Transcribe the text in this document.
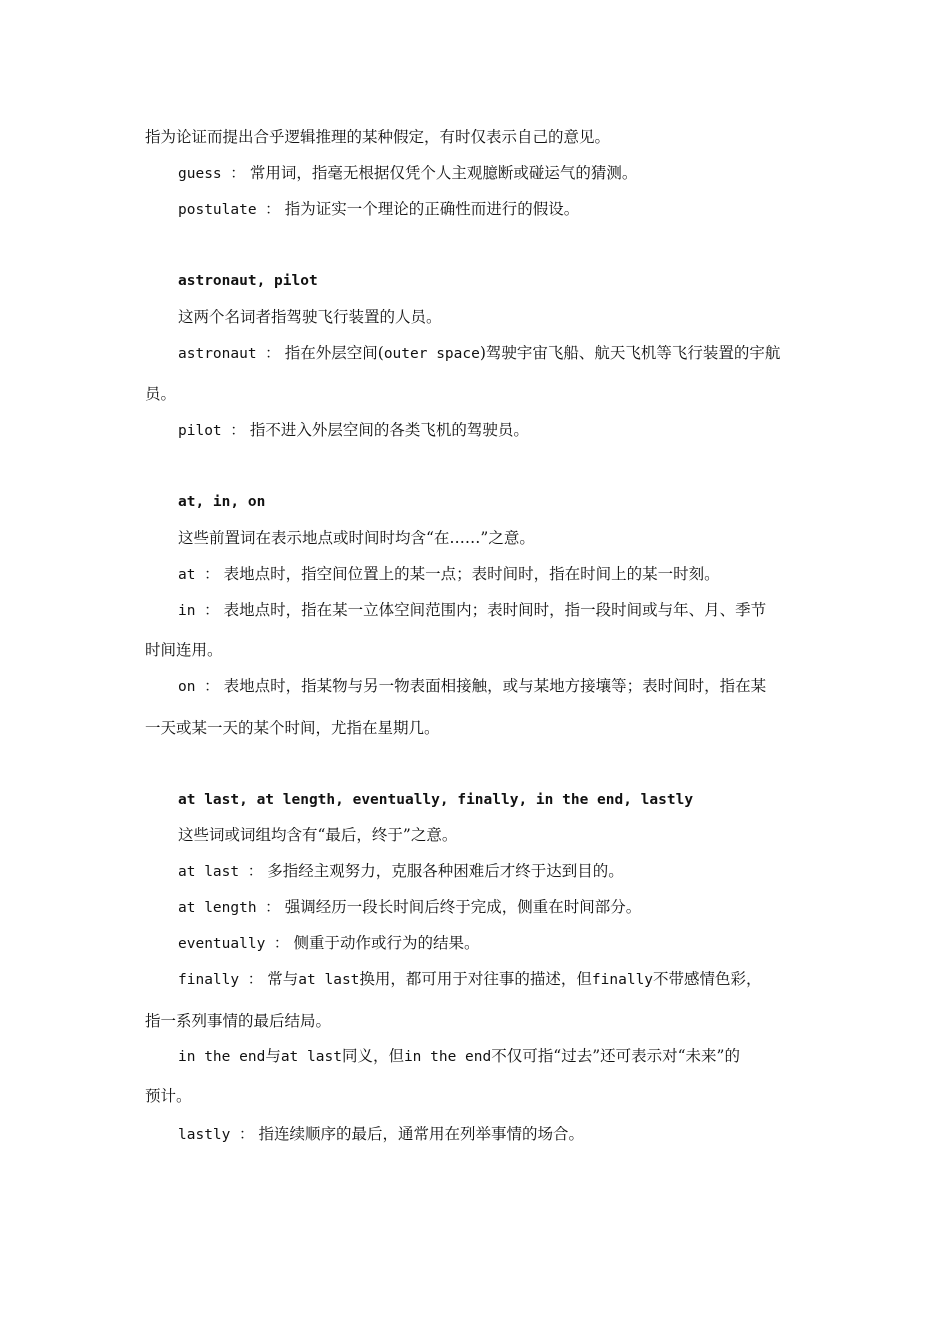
指为论证而提出合乎逻辑推理的某种假定，有时仅表示自己的意见。
guess ： 常用词，指毫无根据仅凭个人主观臆断或碰运气的猜测。
postulate ： 指为证实一个理论的正确性而进行的假设。
astronaut, pilot
这两个名词者指驾驶飞行装置的人员。
astronaut ： 指在外层空间(outer space)驾驶宇宙飞船、航天飞机等飞行装置的宇航
员。
pilot ： 指不进入外层空间的各类飞机的驾驶员。
at, in, on
这些前置词在表示地点或时间时均含“在……”之意。
at ： 表地点时，指空间位置上的某一点；表时间时，指在时间上的某一时刻。
in ： 表地点时，指在某一立体空间范围内；表时间时，指一段时间或与年、月、季节
时间连用。
on ： 表地点时，指某物与另一物表面相接触，或与某地方接壤等；表时间时，指在某
一天或某一天的某个时间，尤指在星期几。
at last, at length, eventually, finally, in the end, lastly
这些词或词组均含有“最后，终于”之意。
at last ： 多指经主观努力，克服各种困难后才终于达到目的。
at length ： 强调经历一段长时间后终于完成，侧重在时间部分。
eventually ： 侧重于动作或行为的结果。
finally ： 常与at last换用，都可用于对往事的描述，但finally不带感情色彩，
指一系列事情的最后结局。
in the end与at last同义，但in the end不仅可指“过去”还可表示对“未来”的
预计。
lastly ： 指连续顺序的最后，通常用在列举事情的场合。
